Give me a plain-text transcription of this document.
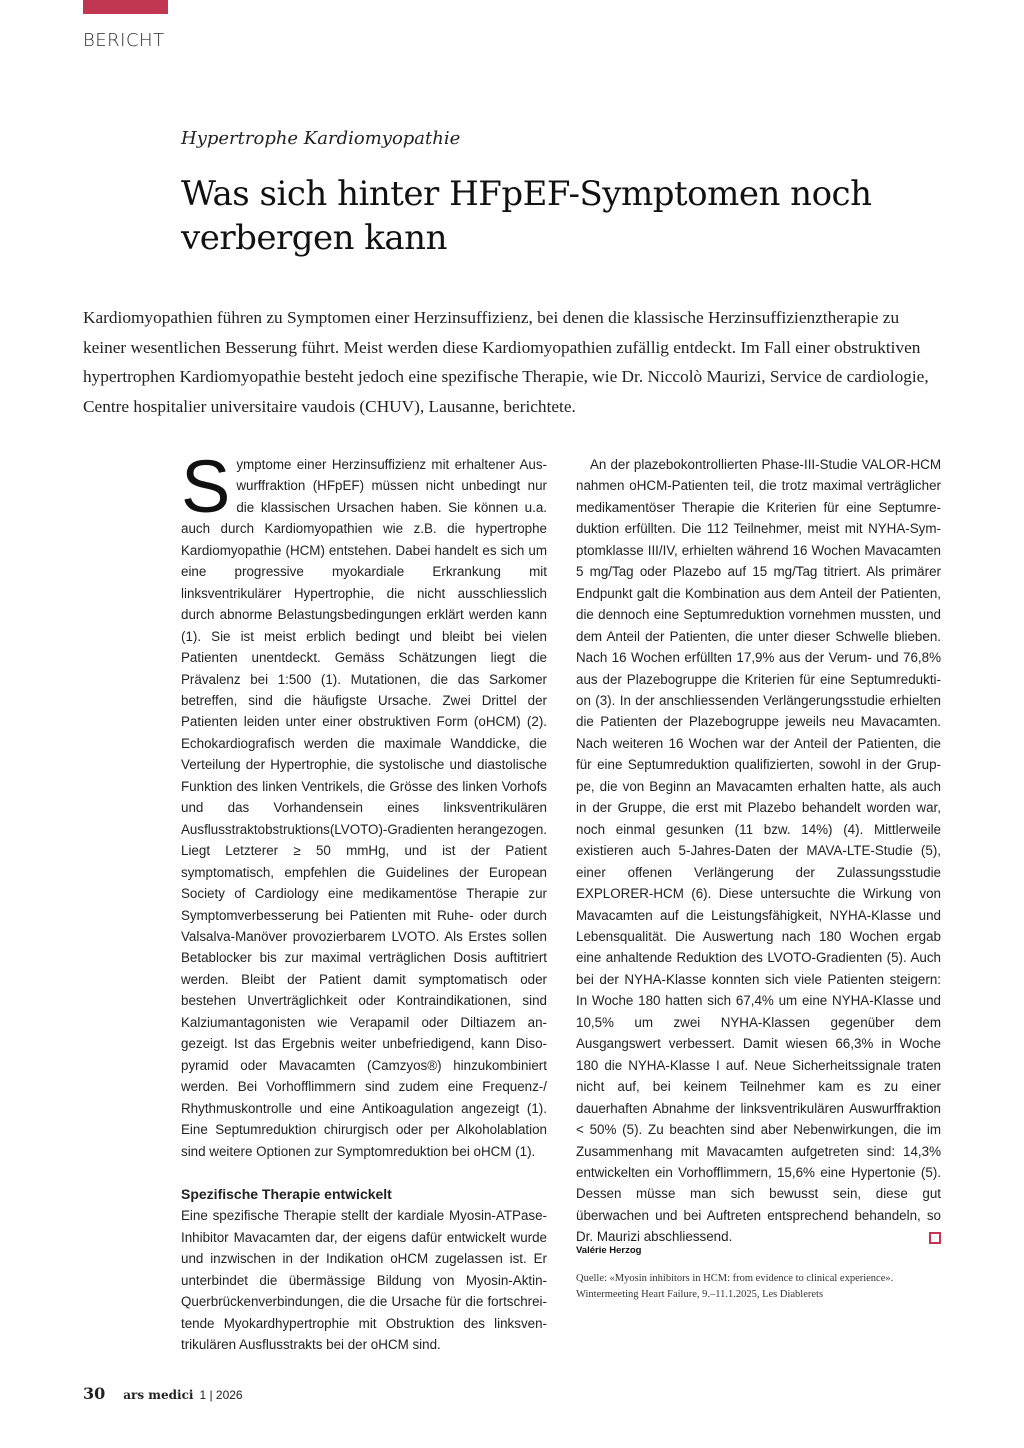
BERICHT
Hypertrophe Kardiomyopathie
Was sich hinter HFpEF-Symptomen noch verbergen kann

Kardiomyopathien führen zu Symptomen einer Herzinsuffizienz, bei denen die klassische Herzinsuffizienztherapie zu keiner wesentlichen Besserung führt. Meist werden diese Kardiomyopathien zufällig entdeckt. Im Fall einer obstruktiven hypertrophen Kardiomyopathie besteht jedoch eine spezifische Therapie, wie Dr. Niccolò Maurizi, Service de cardiologie, Centre hospitalier universitaire vaudois (CHUV), Lausanne, berichtete.

Symptome einer Herzinsuffizienz mit erhaltener Auswurffraktion (HFpEF) müssen nicht unbedingt nur die klassischen Ursachen haben. Sie können u.a. auch durch Kardiomyopathien wie z.B. die hypertrophe Kardiomyopathie (HCM) entstehen. Dabei handelt es sich um eine progressive myokardiale Erkrankung mit linksventrikulärer Hypertrophie, die nicht ausschliesslich durch abnorme Belastungsbedingungen erklärt werden kann (1). Sie ist meist erblich bedingt und bleibt bei vielen Patienten unentdeckt. Gemäss Schätzungen liegt die Prävalenz bei 1:500 (1). Mutationen, die das Sarkomer betreffen, sind die häufigste Ursache. Zwei Drittel der Patienten leiden unter einer obstruktiven Form (oHCM) (2). Echokardiografisch werden die maximale Wanddicke, die Verteilung der Hypertrophie, die systolische und diastolische Funktion des linken Ventrikels, die Grösse des linken Vorhofs und das Vorhandensein eines linksventrikulären Ausflusstraktobstruktions(LVOTO)-Gradienten herangezogen. Liegt Letzterer ≥ 50 mmHg, und ist der Patient symptomatisch, empfehlen die Guidelines der European Society of Cardiology eine medikamentöse Therapie zur Symptomverbesserung bei Patienten mit Ruhe- oder durch Valsalva-Manöver provozierbarem LVOTO. Als Erstes sollen Betablocker bis zur maximal verträglichen Dosis auftitriert werden. Bleibt der Patient damit symptomatisch oder bestehen Unverträglichkeit oder Kontraindikationen, sind Kalziumantagonisten wie Verapamil oder Diltiazem angezeigt. Ist das Ergebnis weiter unbefriedigend, kann Disopyramid oder Mavacamten (Camzyos®) hinzukombiniert werden. Bei Vorhofflimmern sind zudem eine Frequenz-/ Rhythmuskontrolle und eine Antikoagulation angezeigt (1). Eine Septumreduktion chirurgisch oder per Alkoholablation sind weitere Optionen zur Symptomreduktion bei oHCM (1).

Spezifische Therapie entwickelt

Eine spezifische Therapie stellt der kardiale Myosin-ATPase-Inhibitor Mavacamten dar, der eigens dafür entwickelt wurde und inzwischen in der Indikation oHCM zugelassen ist. Er unterbindet die übermässige Bildung von Myosin-Aktin-Querbrückenverbindungen, die die Ursache für die fortschreitende Myokardhypertrophie mit Obstruktion des linksventrikulären Ausflusstrakts bei der oHCM sind.

An der plazebokontrollierten Phase-III-Studie VALOR-HCM nahmen oHCM-Patienten teil, die trotz maximal verträglicher medikamentöser Therapie die Kriterien für eine Septumreduktion erfüllten. Die 112 Teilnehmer, meist mit NYHA-Symptomklasse III/IV, erhielten während 16 Wochen Mavacamten 5 mg/Tag oder Plazebo auf 15 mg/Tag titriert. Als primärer Endpunkt galt die Kombination aus dem Anteil der Patienten, die dennoch eine Septumreduktion vornehmen mussten, und dem Anteil der Patienten, die unter dieser Schwelle blieben. Nach 16 Wochen erfüllten 17,9% aus der Verum- und 76,8% aus der Plazebogruppe die Kriterien für eine Septumreduktion (3). In der anschliessenden Verlängerungsstudie erhielten die Patienten der Plazebogruppe jeweils neu Mavacamten. Nach weiteren 16 Wochen war der Anteil der Patienten, die für eine Septumreduktion qualifizierten, sowohl in der Gruppe, die von Beginn an Mavacamten erhalten hatte, als auch in der Gruppe, die erst mit Plazebo behandelt worden war, noch einmal gesunken (11 bzw. 14%) (4). Mittlerweile existieren auch 5-Jahres-Daten der MAVA-LTE-Studie (5), einer offenen Verlängerung der Zulassungsstudie EXPLORER-HCM (6). Diese untersuchte die Wirkung von Mavacamten auf die Leistungsfähigkeit, NYHA-Klasse und Lebensqualität. Die Auswertung nach 180 Wochen ergab eine anhaltende Reduktion des LVOTO-Gradienten (5). Auch bei der NYHA-Klasse konnten sich viele Patienten steigern: In Woche 180 hatten sich 67,4% um eine NYHA-Klasse und 10,5% um zwei NYHA-Klassen gegenüber dem Ausgangswert verbessert. Damit wiesen 66,3% in Woche 180 die NYHA-Klasse I auf. Neue Sicherheitssignale traten nicht auf, bei keinem Teilnehmer kam es zu einer dauerhaften Abnahme der linksventrikulären Auswurffraktion < 50% (5). Zu beachten sind aber Nebenwirkungen, die im Zusammenhang mit Mavacamten aufgetreten sind: 14,3% entwickelten ein Vorhofflimmern, 15,6% eine Hypertonie (5). Dessen müsse man sich bewusst sein, diese gut überwachen und bei Auftreten entsprechend behandeln, so Dr. Maurizi abschliessend.

Valérie Herzog
Quelle: «Myosin inhibitors in HCM: from evidence to clinical experience». Wintermeeting Heart Failure, 9.–11.1.2025, Les Diablerets
30 ars medici 1 | 2026
